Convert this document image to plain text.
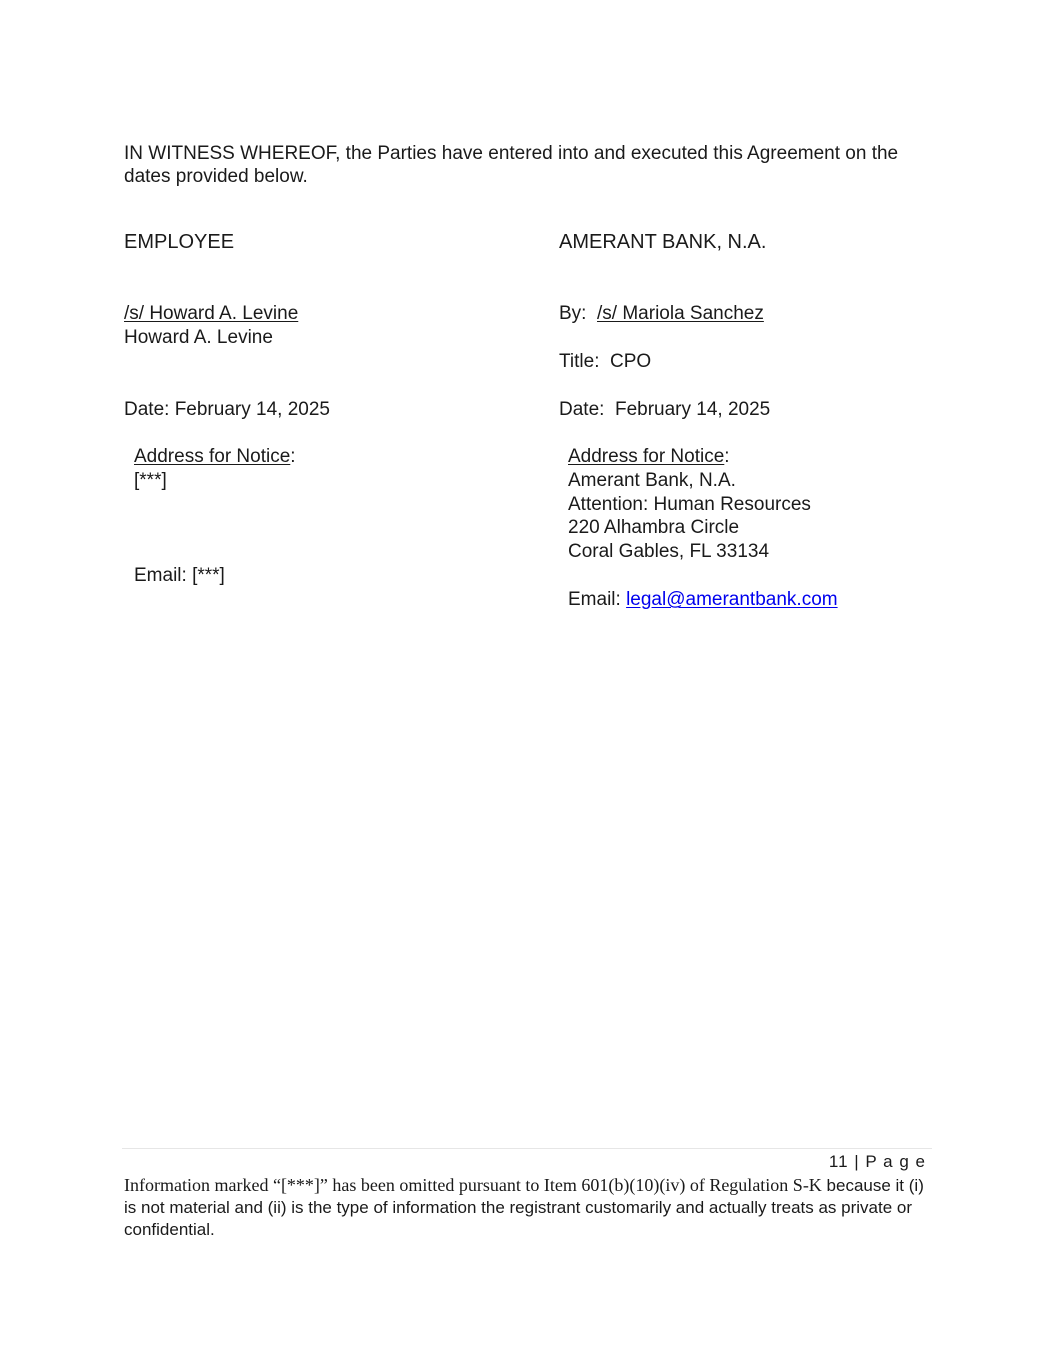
IN WITNESS WHEREOF, the Parties have entered into and executed this Agreement on the dates provided below.
EMPLOYEE
/s/ Howard A. Levine
Howard A. Levine
Date: February 14, 2025
Address for Notice:
[***]
Email: [***]
AMERANT BANK, N.A.
By: /s/ Mariola Sanchez
Title:  CPO
Date:  February 14, 2025
Address for Notice:
Amerant Bank, N.A.
Attention: Human Resources
220 Alhambra Circle
Coral Gables, FL 33134
Email: legal@amerantbank.com
11 | P a g e
Information marked “[***]” has been omitted pursuant to Item 601(b)(10)(iv) of Regulation S-K because it (i) is not material and (ii) is the type of information the registrant customarily and actually treats as private or confidential.
